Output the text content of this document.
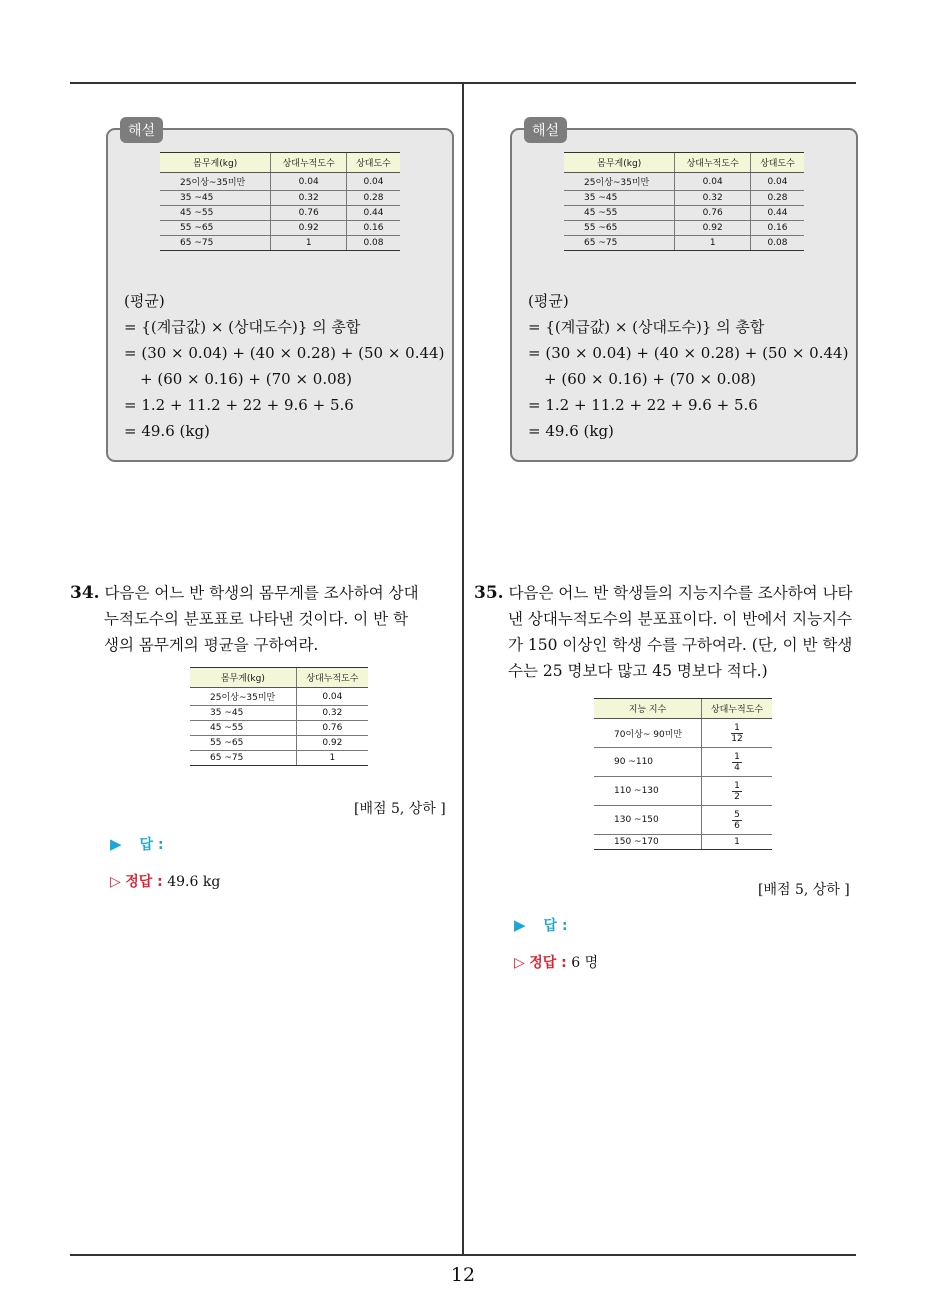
해설
몸무게(kg)	상대누적도수	상대도수
25이상~35미만	0.04	0.04
35 ~45	0.32	0.28
45 ~55	0.76	0.44
55 ~65	0.92	0.16
65 ~75	1	0.08
(평균)
= {(계급값) × (상대도수)} 의 총합
= (30 × 0.04) + (40 × 0.28) + (50 × 0.44)
+ (60 × 0.16) + (70 × 0.08)
= 1.2 + 11.2 + 22 + 9.6 + 5.6
= 49.6 (kg)
해설
몸무게(kg)	상대누적도수	상대도수
25이상~35미만	0.04	0.04
35 ~45	0.32	0.28
45 ~55	0.76	0.44
55 ~65	0.92	0.16
65 ~75	1	0.08
(평균)
= {(계급값) × (상대도수)} 의 총합
= (30 × 0.04) + (40 × 0.28) + (50 × 0.44)
+ (60 × 0.16) + (70 × 0.08)
= 1.2 + 11.2 + 22 + 9.6 + 5.6
= 49.6 (kg)
34. 다음은 어느 반 학생의 몸무게를 조사하여 상대누적도수의 분포표로 나타낸 것이다. 이 반 학생의 몸무게의 평균을 구하여라.
몸무게(kg)	상대누적도수
25이상~35미만	0.04
35 ~45	0.32
45 ~55	0.76
55 ~65	0.92
65 ~75	1
[배점 5, 상하 ]
▶ 답 :
▷ 정답 : 49.6 kg
35. 다음은 어느 반 학생들의 지능지수를 조사하여 나타낸 상대누적도수의 분포표이다. 이 반에서 지능지수가 150 이상인 학생 수를 구하여라. (단, 이 반 학생 수는 25 명보다 많고 45 명보다 적다.)
지능 지수	상대누적도수
70이상~ 90미만	$\frac{1}{12}$

90 ~110	$\frac{1}{4}$

110 ~130	$\frac{1}{2}$

130 ~150	$\frac{5}{6}$

150 ~170	1
[배점 5, 상하 ]
▶ 답 :
▷ 정답 : 6 명
12
